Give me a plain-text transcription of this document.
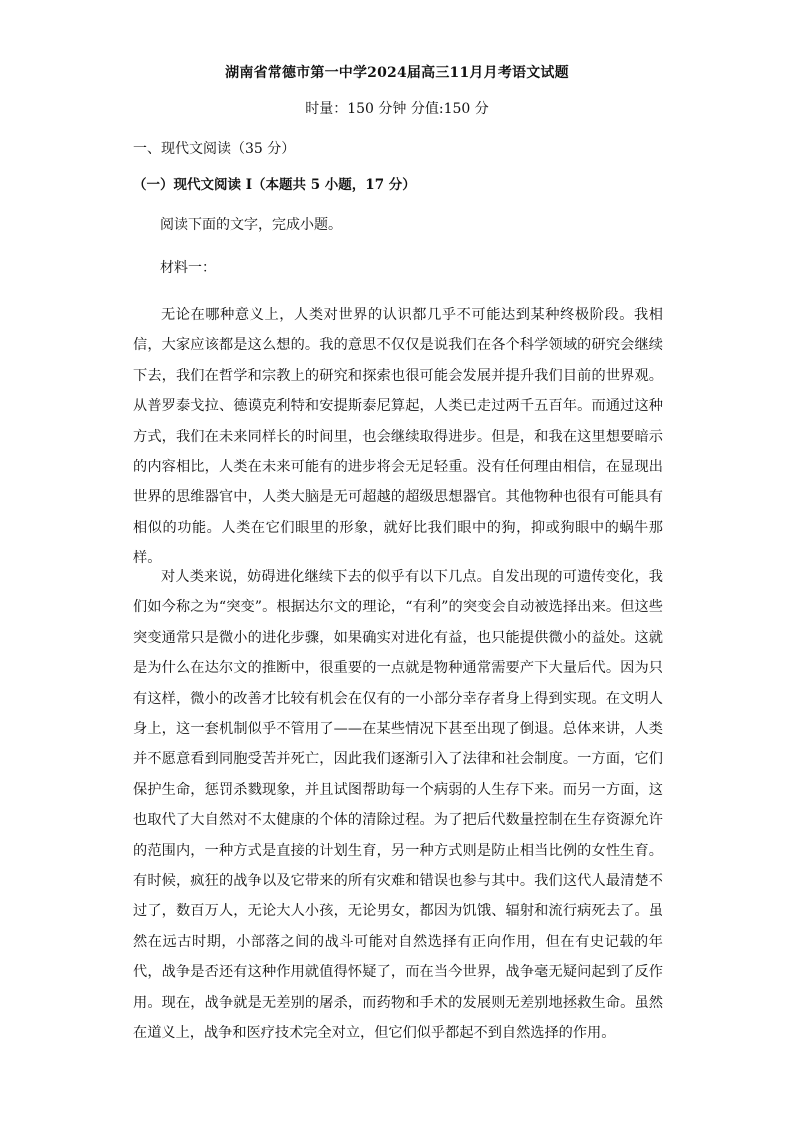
湖南省常德市第一中学2024届高三11月月考语文试题
时量：150 分钟 分值:150 分
一、现代文阅读（35 分）
（一）现代文阅读 I（本题共 5 小题，17 分）
阅读下面的文字，完成小题。
材料一：

无论在哪种意义上，人类对世界的认识都几乎不可能达到某种终极阶段。我相信，大家应该都是这么想的。我的意思不仅仅是说我们在各个科学领域的研究会继续下去，我们在哲学和宗教上的研究和探索也很可能会发展并提升我们目前的世界观。从普罗泰戈拉、德谟克利特和安提斯泰尼算起，人类已走过两千五百年。而通过这种方式，我们在未来同样长的时间里，也会继续取得进步。但是，和我在这里想要暗示的内容相比，人类在未来可能有的进步将会无足轻重。没有任何理由相信，在显现出世界的思维器官中，人类大脑是无可超越的超级思想器官。其他物种也很有可能具有相似的功能。人类在它们眼里的形象，就好比我们眼中的狗，抑或狗眼中的蜗牛那样。

对人类来说，妨碍进化继续下去的似乎有以下几点。自发出现的可遗传变化，我们如今称之为“突变”。根据达尔文的理论，“有利”的突变会自动被选择出来。但这些突变通常只是微小的进化步骤，如果确实对进化有益，也只能提供微小的益处。这就是为什么在达尔文的推断中，很重要的一点就是物种通常需要产下大量后代。因为只有这样，微小的改善才比较有机会在仅有的一小部分幸存者身上得到实现。在文明人身上，这一套机制似乎不管用了——在某些情况下甚至出现了倒退。总体来讲，人类并不愿意看到同胞受苦并死亡，因此我们逐渐引入了法律和社会制度。一方面，它们保护生命，惩罚杀戮现象，并且试图帮助每一个病弱的人生存下来。而另一方面，这也取代了大自然对不太健康的个体的清除过程。为了把后代数量控制在生存资源允许的范围内，一种方式是直接的计划生育，另一种方式则是防止相当比例的女性生育。有时候，疯狂的战争以及它带来的所有灾难和错误也参与其中。我们这代人最清楚不过了，数百万人，无论大人小孩，无论男女，都因为饥饿、辐射和流行病死去了。虽然在远古时期，小部落之间的战斗可能对自然选择有正向作用，但在有史记载的年代，战争是否还有这种作用就值得怀疑了，而在当今世界，战争毫无疑问起到了反作用。现在，战争就是无差别的屠杀，而药物和手术的发展则无差别地拯救生命。虽然在道义上，战争和医疗技术完全对立，但它们似乎都起不到自然选择的作用。
